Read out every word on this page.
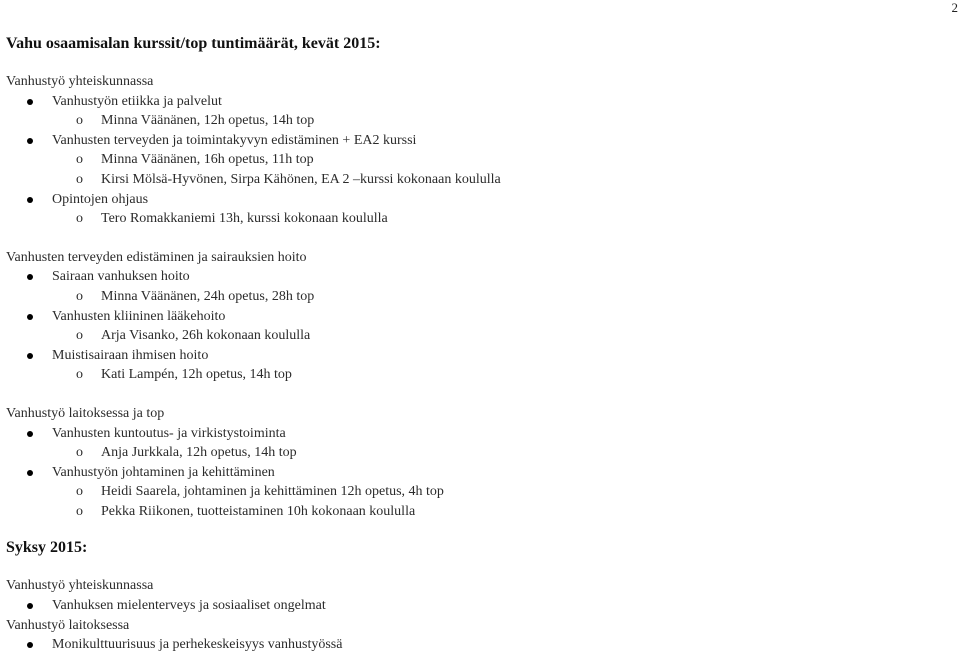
2
Vahu osaamisalan kurssit/top tuntimäärät, kevät 2015:
Vanhustyö yhteiskunnassa
Vanhustyön etiikka ja palvelut
o Minna Väänänen, 12h opetus, 14h top
Vanhusten terveyden ja toimintakyvyn edistäminen + EA2 kurssi
o Minna Väänänen, 16h opetus, 11h top
o Kirsi Mölsä-Hyvönen, Sirpa Kähönen, EA 2 –kurssi kokonaan koululla
Opintojen ohjaus
o Tero Romakkaniemi 13h, kurssi kokonaan koululla
Vanhusten terveyden edistäminen ja sairauksien hoito
Sairaan vanhuksen hoito
o Minna Väänänen, 24h opetus, 28h top
Vanhusten kliininen lääkehoito
o Arja Visanko, 26h kokonaan koululla
Muistisairaan ihmisen hoito
o Kati Lampén, 12h opetus, 14h top
Vanhustyö laitoksessa ja top
Vanhusten kuntoutus- ja virkistystoiminta
o Anja Jurkkala, 12h opetus, 14h top
Vanhustyön johtaminen ja kehittäminen
o Heidi Saarela, johtaminen ja kehittäminen 12h opetus, 4h top
o Pekka Riikonen, tuotteistaminen 10h kokonaan koululla
Syksy 2015:
Vanhustyö yhteiskunnassa
Vanhuksen mielenterveys ja sosiaaliset ongelmat
Vanhustyö laitoksessa
Monikulttuurisuus ja perhekeskeisyys vanhustyössä
